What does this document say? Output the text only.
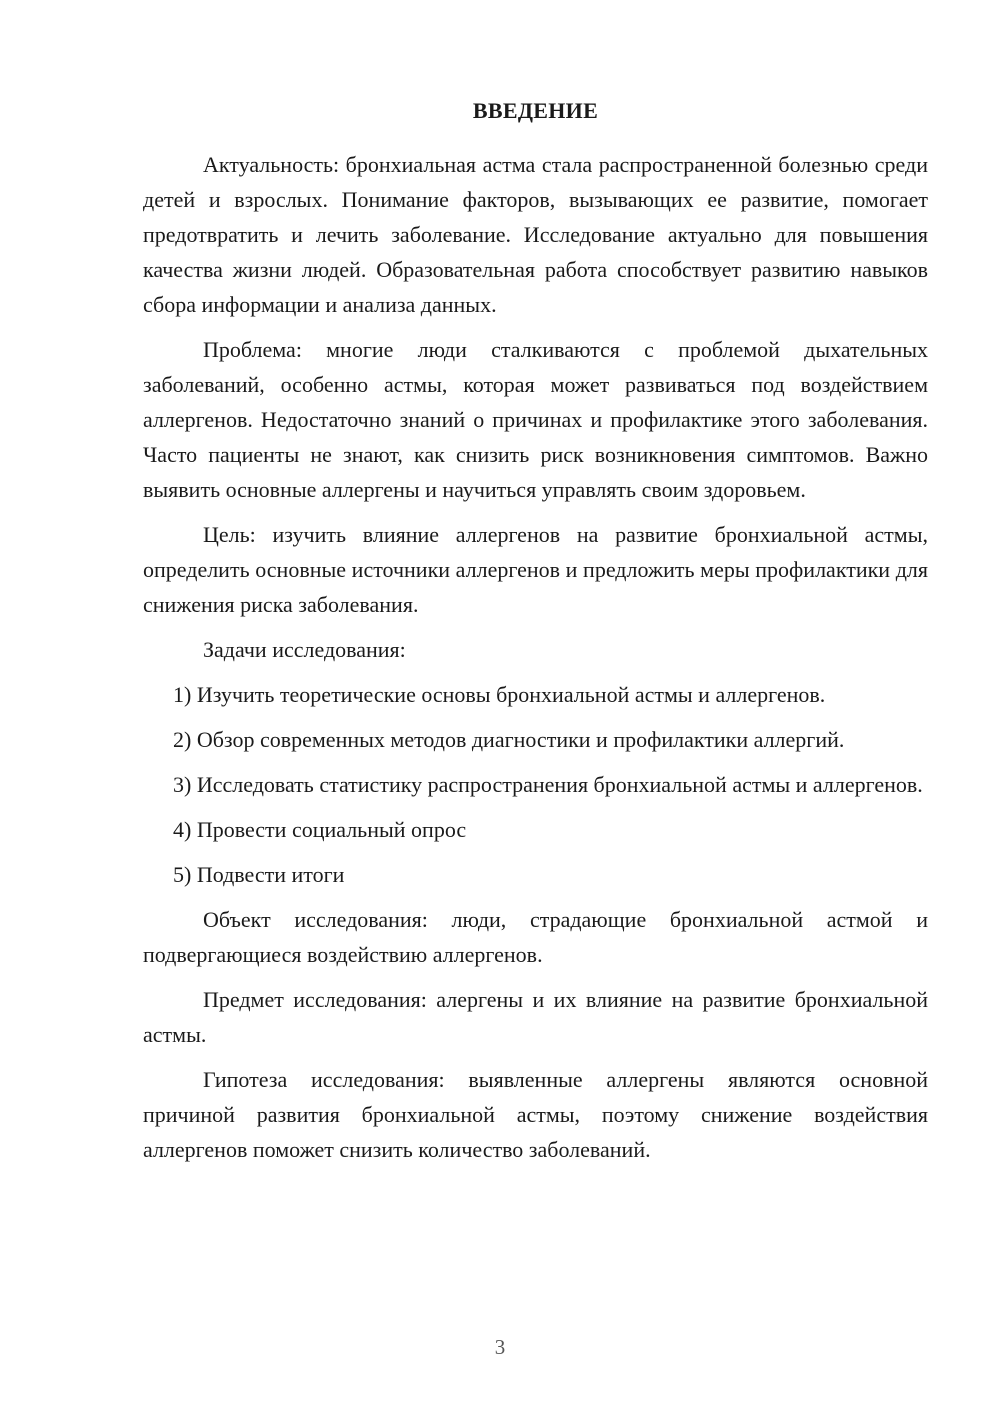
ВВЕДЕНИЕ

Актуальность: бронхиальная астма стала распространенной болезнью среди детей и взрослых. Понимание факторов, вызывающих ее развитие, помогает предотвратить и лечить заболевание. Исследование актуально для повышения качества жизни людей. Образовательная работа способствует развитию навыков сбора информации и анализа данных.

Проблема: многие люди сталкиваются с проблемой дыхательных заболеваний, особенно астмы, которая может развиваться под воздействием аллергенов. Недостаточно знаний о причинах и профилактике этого заболевания. Часто пациенты не знают, как снизить риск возникновения симптомов. Важно выявить основные аллергены и научиться управлять своим здоровьем.

Цель: изучить влияние аллергенов на развитие бронхиальной астмы, определить основные источники аллергенов и предложить меры профилактики для снижения риска заболевания.

Задачи исследования:

1) Изучить теоретические основы бронхиальной астмы и аллергенов.

2) Обзор современных методов диагностики и профилактики аллергий.

3) Исследовать статистику распространения бронхиальной астмы и аллергенов.

4) Провести социальный опрос

5) Подвести итоги

Объект исследования: люди, страдающие бронхиальной астмой и подвергающиеся воздействию аллергенов.

Предмет исследования: алергены и их влияние на развитие бронхиальной астмы.

Гипотеза исследования: выявленные аллергены являются основной причиной развития бронхиальной астмы, поэтому снижение воздействия аллергенов поможет снизить количество заболеваний.

3
